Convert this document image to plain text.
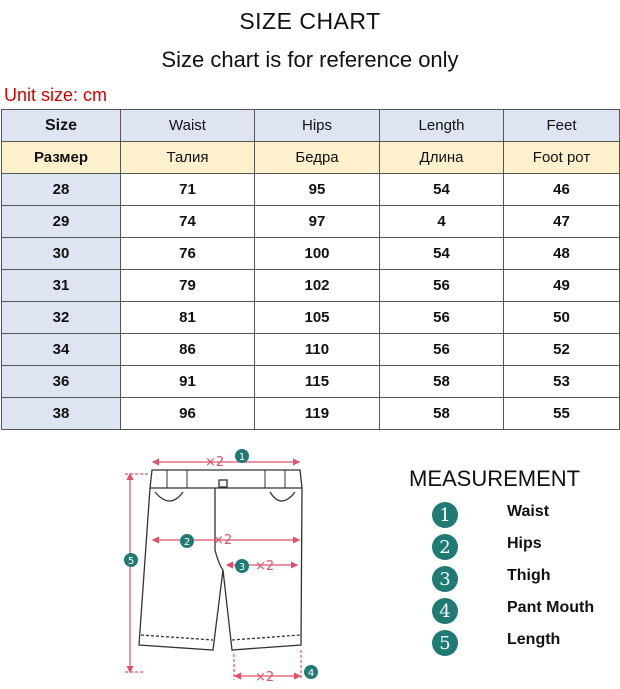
SIZE CHART
Size chart is for reference only
Unit size: cm
Size	Waist	Hips	Length	Feet
Размер	Талия	Бедра	Длина	Foot рот
28	71	95	54	46
29	74	97	4	47
30	76	100	54	48
31	79	102	56	49
32	81	105	56	50
34	86	110	56	52
36	91	115	58	53
38	96	119	58	55
×2 1
2 ×2
3 ×2
4
×2
5
MEASUREMENT
1	Waist
2	Hips
3	Thigh
4	Pant Mouth
5	Length
